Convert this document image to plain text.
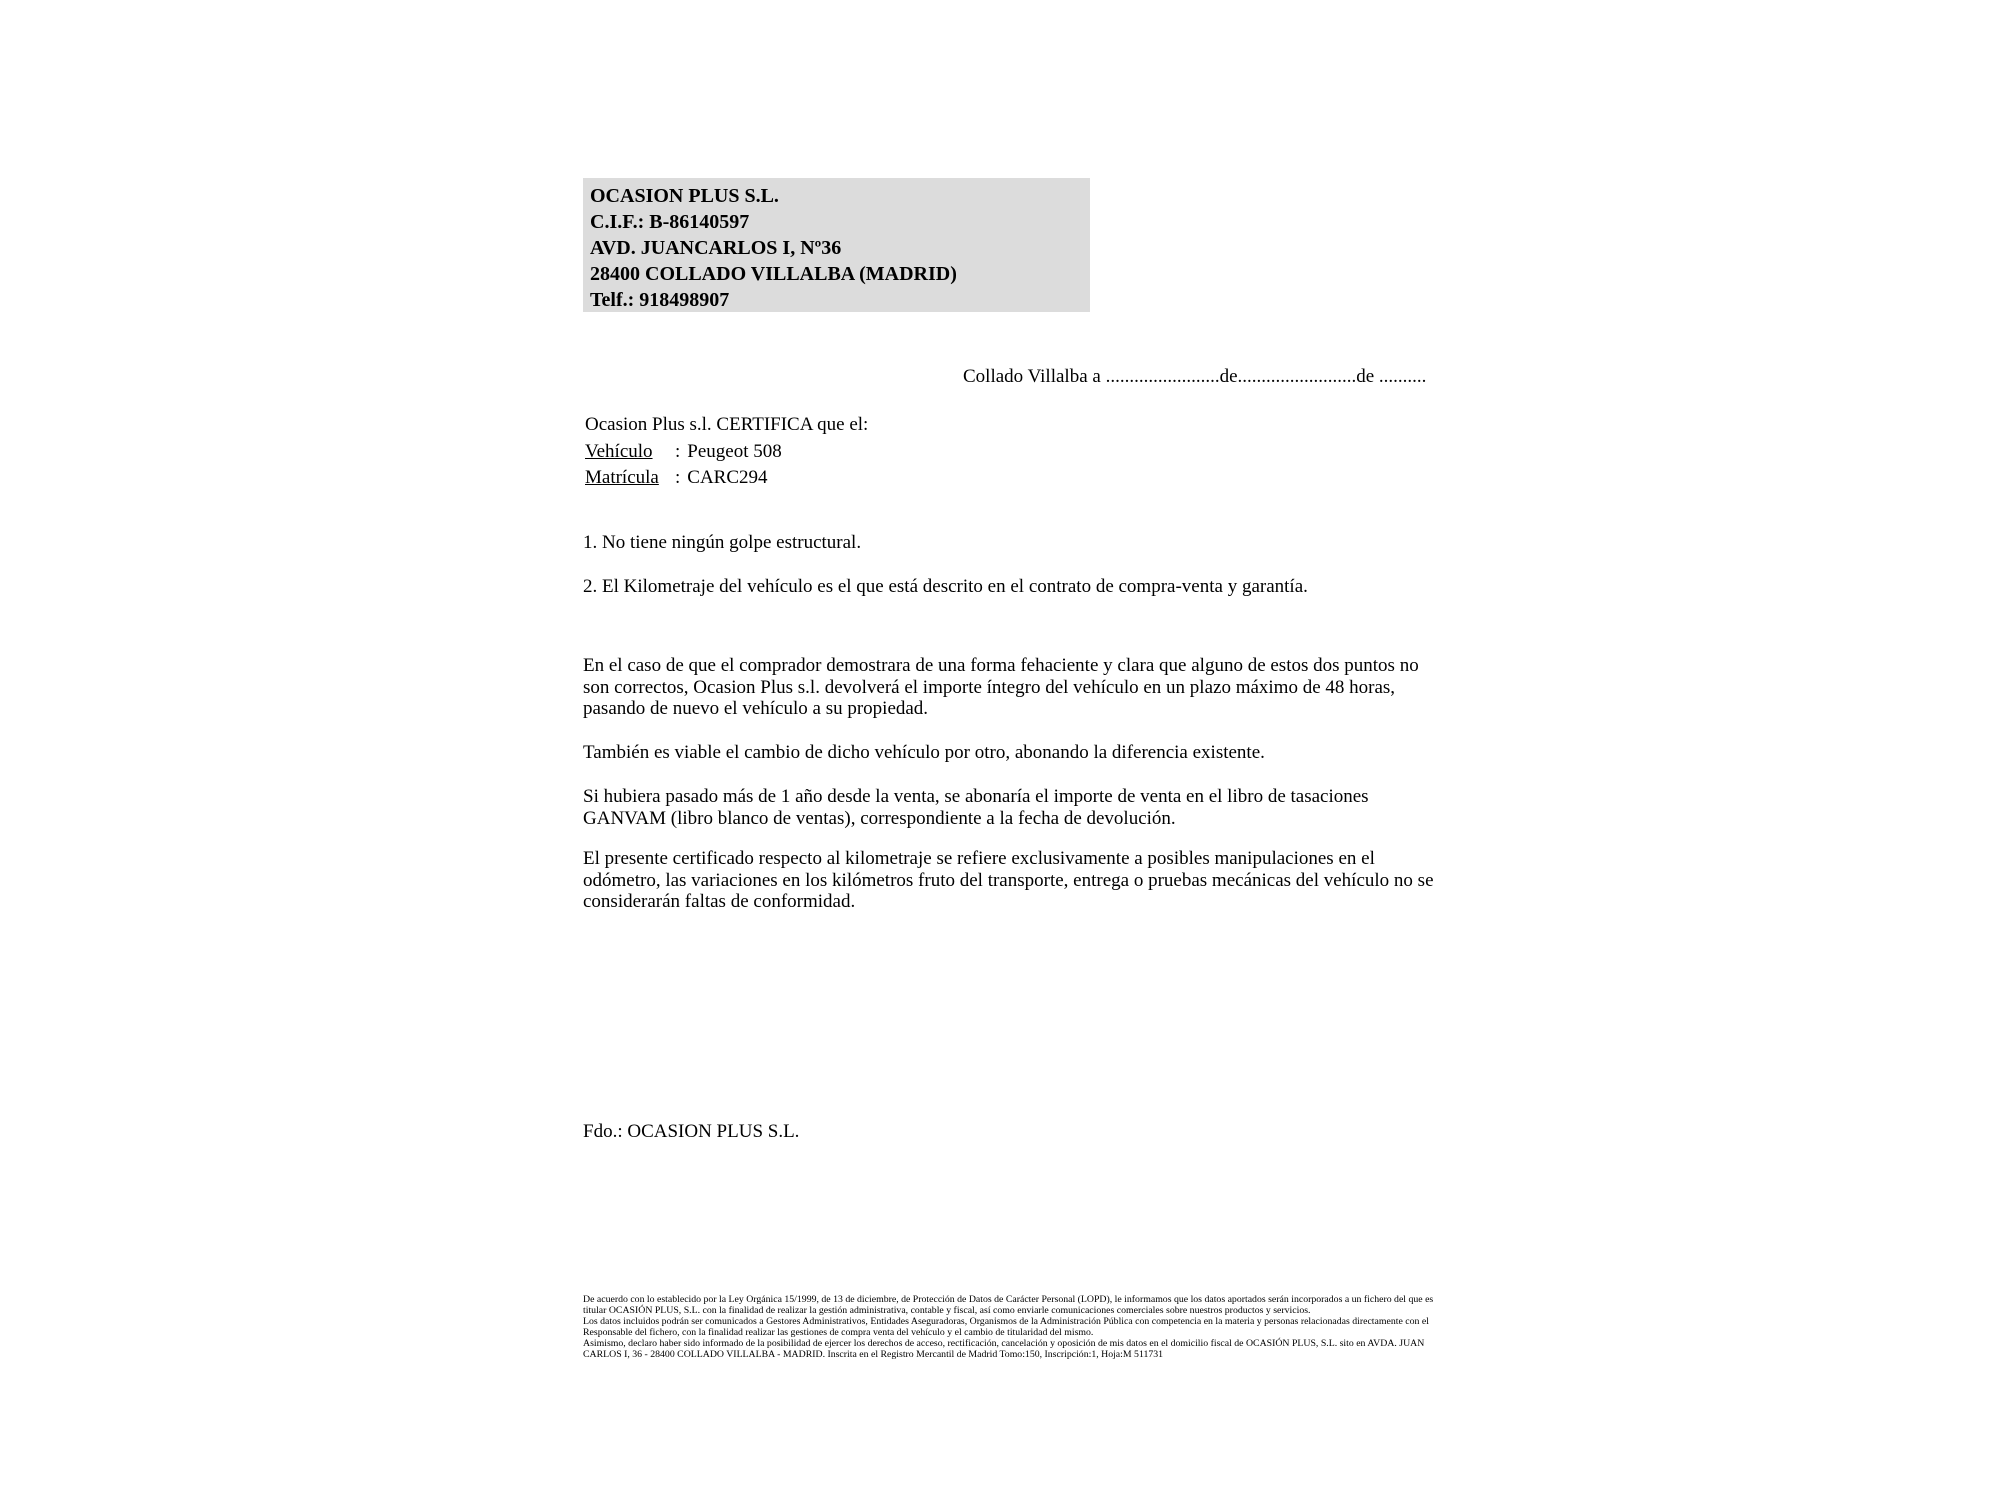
OCASION PLUS S.L.
C.I.F.: B-86140597
AVD. JUANCARLOS I, Nº36
28400 COLLADO VILLALBA (MADRID)
Telf.: 918498907
Collado Villalba a ........................de.........................de ..........
Ocasion Plus s.l. CERTIFICA que el:
Vehículo : Peugeot 508
Matrícula : CARC294
1. No tiene ningún golpe estructural.
2. El Kilometraje del vehículo es el que está descrito en el contrato de compra-venta y garantía.
En el caso de que el comprador demostrara de una forma fehaciente y clara que alguno de estos dos puntos no son correctos, Ocasion Plus s.l. devolverá el importe íntegro del vehículo en un plazo máximo de 48 horas, pasando de nuevo el vehículo a su propiedad.
También es viable el cambio de dicho vehículo por otro, abonando la diferencia existente.
Si hubiera pasado más de 1 año desde la venta, se abonaría el importe de venta en el libro de tasaciones GANVAM (libro blanco de ventas), correspondiente a la fecha de devolución.
El presente certificado respecto al kilometraje se refiere exclusivamente a posibles manipulaciones en el odómetro, las variaciones en los kilómetros fruto del transporte, entrega o pruebas mecánicas del vehículo no se considerarán faltas de conformidad.
Fdo.: OCASION PLUS S.L.

De acuerdo con lo establecido por la Ley Orgánica 15/1999, de 13 de diciembre, de Protección de Datos de Carácter Personal (LOPD), le informamos que los datos aportados serán incorporados a un fichero del que es titular OCASIÓN PLUS, S.L. con la finalidad de realizar la gestión administrativa, contable y fiscal, así como enviarle comunicaciones comerciales sobre nuestros productos y servicios.

Los datos incluidos podrán ser comunicados a Gestores Administrativos, Entidades Aseguradoras, Organismos de la Administración Pública con competencia en la materia y personas relacionadas directamente con el Responsable del fichero, con la finalidad realizar las gestiones de compra venta del vehículo y el cambio de titularidad del mismo.

Asimismo, declaro haber sido informado de la posibilidad de ejercer los derechos de acceso, rectificación, cancelación y oposición de mis datos en el domicilio fiscal de OCASIÓN PLUS, S.L. sito en AVDA. JUAN CARLOS I, 36 - 28400 COLLADO VILLALBA - MADRID. Inscrita en el Registro Mercantil de Madrid Tomo:150, Inscripción:1, Hoja:M 511731
